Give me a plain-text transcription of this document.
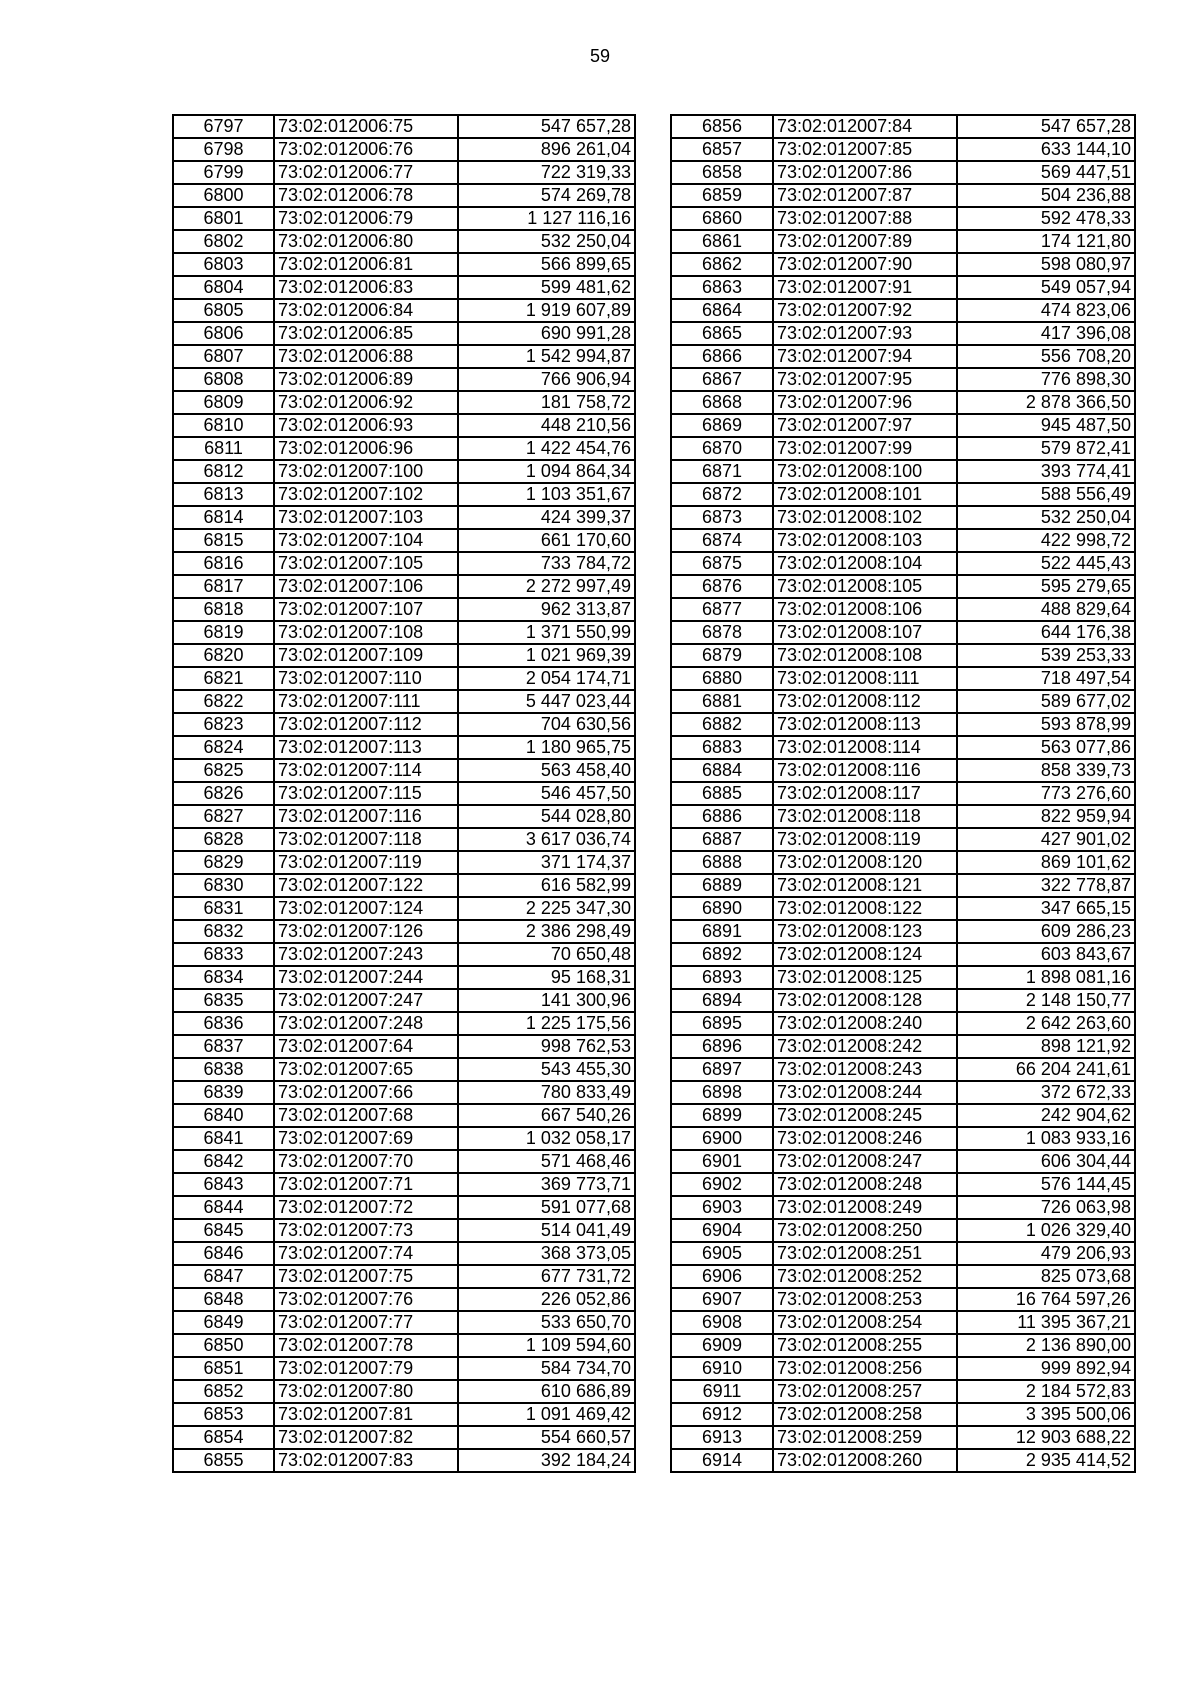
59
6797	73:02:012006:75	547 657,28
6798	73:02:012006:76	896 261,04
6799	73:02:012006:77	722 319,33
6800	73:02:012006:78	574 269,78
6801	73:02:012006:79	1 127 116,16
6802	73:02:012006:80	532 250,04
6803	73:02:012006:81	566 899,65
6804	73:02:012006:83	599 481,62
6805	73:02:012006:84	1 919 607,89
6806	73:02:012006:85	690 991,28
6807	73:02:012006:88	1 542 994,87
6808	73:02:012006:89	766 906,94
6809	73:02:012006:92	181 758,72
6810	73:02:012006:93	448 210,56
6811	73:02:012006:96	1 422 454,76
6812	73:02:012007:100	1 094 864,34
6813	73:02:012007:102	1 103 351,67
6814	73:02:012007:103	424 399,37
6815	73:02:012007:104	661 170,60
6816	73:02:012007:105	733 784,72
6817	73:02:012007:106	2 272 997,49
6818	73:02:012007:107	962 313,87
6819	73:02:012007:108	1 371 550,99
6820	73:02:012007:109	1 021 969,39
6821	73:02:012007:110	2 054 174,71
6822	73:02:012007:111	5 447 023,44
6823	73:02:012007:112	704 630,56
6824	73:02:012007:113	1 180 965,75
6825	73:02:012007:114	563 458,40
6826	73:02:012007:115	546 457,50
6827	73:02:012007:116	544 028,80
6828	73:02:012007:118	3 617 036,74
6829	73:02:012007:119	371 174,37
6830	73:02:012007:122	616 582,99
6831	73:02:012007:124	2 225 347,30
6832	73:02:012007:126	2 386 298,49
6833	73:02:012007:243	70 650,48
6834	73:02:012007:244	95 168,31
6835	73:02:012007:247	141 300,96
6836	73:02:012007:248	1 225 175,56
6837	73:02:012007:64	998 762,53
6838	73:02:012007:65	543 455,30
6839	73:02:012007:66	780 833,49
6840	73:02:012007:68	667 540,26
6841	73:02:012007:69	1 032 058,17
6842	73:02:012007:70	571 468,46
6843	73:02:012007:71	369 773,71
6844	73:02:012007:72	591 077,68
6845	73:02:012007:73	514 041,49
6846	73:02:012007:74	368 373,05
6847	73:02:012007:75	677 731,72
6848	73:02:012007:76	226 052,86
6849	73:02:012007:77	533 650,70
6850	73:02:012007:78	1 109 594,60
6851	73:02:012007:79	584 734,70
6852	73:02:012007:80	610 686,89
6853	73:02:012007:81	1 091 469,42
6854	73:02:012007:82	554 660,57
6855	73:02:012007:83	392 184,24
6856	73:02:012007:84	547 657,28
6857	73:02:012007:85	633 144,10
6858	73:02:012007:86	569 447,51
6859	73:02:012007:87	504 236,88
6860	73:02:012007:88	592 478,33
6861	73:02:012007:89	174 121,80
6862	73:02:012007:90	598 080,97
6863	73:02:012007:91	549 057,94
6864	73:02:012007:92	474 823,06
6865	73:02:012007:93	417 396,08
6866	73:02:012007:94	556 708,20
6867	73:02:012007:95	776 898,30
6868	73:02:012007:96	2 878 366,50
6869	73:02:012007:97	945 487,50
6870	73:02:012007:99	579 872,41
6871	73:02:012008:100	393 774,41
6872	73:02:012008:101	588 556,49
6873	73:02:012008:102	532 250,04
6874	73:02:012008:103	422 998,72
6875	73:02:012008:104	522 445,43
6876	73:02:012008:105	595 279,65
6877	73:02:012008:106	488 829,64
6878	73:02:012008:107	644 176,38
6879	73:02:012008:108	539 253,33
6880	73:02:012008:111	718 497,54
6881	73:02:012008:112	589 677,02
6882	73:02:012008:113	593 878,99
6883	73:02:012008:114	563 077,86
6884	73:02:012008:116	858 339,73
6885	73:02:012008:117	773 276,60
6886	73:02:012008:118	822 959,94
6887	73:02:012008:119	427 901,02
6888	73:02:012008:120	869 101,62
6889	73:02:012008:121	322 778,87
6890	73:02:012008:122	347 665,15
6891	73:02:012008:123	609 286,23
6892	73:02:012008:124	603 843,67
6893	73:02:012008:125	1 898 081,16
6894	73:02:012008:128	2 148 150,77
6895	73:02:012008:240	2 642 263,60
6896	73:02:012008:242	898 121,92
6897	73:02:012008:243	66 204 241,61
6898	73:02:012008:244	372 672,33
6899	73:02:012008:245	242 904,62
6900	73:02:012008:246	1 083 933,16
6901	73:02:012008:247	606 304,44
6902	73:02:012008:248	576 144,45
6903	73:02:012008:249	726 063,98
6904	73:02:012008:250	1 026 329,40
6905	73:02:012008:251	479 206,93
6906	73:02:012008:252	825 073,68
6907	73:02:012008:253	16 764 597,26
6908	73:02:012008:254	11 395 367,21
6909	73:02:012008:255	2 136 890,00
6910	73:02:012008:256	999 892,94
6911	73:02:012008:257	2 184 572,83
6912	73:02:012008:258	3 395 500,06
6913	73:02:012008:259	12 903 688,22
6914	73:02:012008:260	2 935 414,52
